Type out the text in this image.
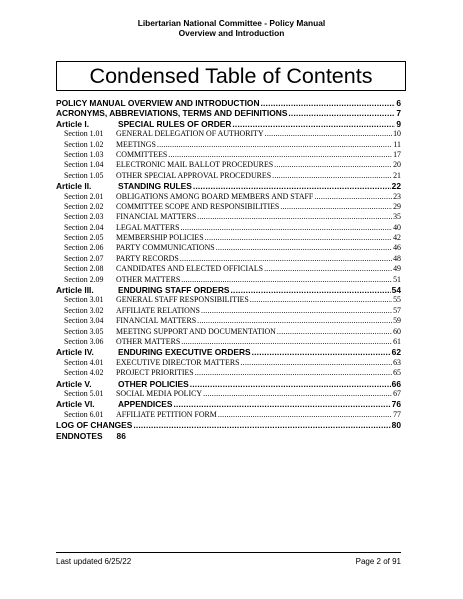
Libertarian National Committee - Policy Manual
Overview and Introduction
Condensed Table of Contents
POLICY MANUAL OVERVIEW AND INTRODUCTION .....	6
ACRONYMS, ABBREVIATIONS, TERMS AND DEFINITIONS .....	7
Article I.	SPECIAL RULES OF ORDER .....	9
Section 1.01	GENERAL DELEGATION OF AUTHORITY .....	10
Section 1.02	MEETINGS .....	11
Section 1.03	COMMITTEES .....	17
Section 1.04	ELECTRONIC MAIL BALLOT PROCEDURES .....	20
Section 1.05	OTHER SPECIAL APPROVAL PROCEDURES .....	21
Article II.	STANDING RULES .....	22
Section 2.01	OBLIGATIONS AMONG BOARD MEMBERS AND STAFF .....	23
Section 2.02	COMMITTEE SCOPE AND RESPONSIBILITIES .....	29
Section 2.03	FINANCIAL MATTERS .....	35
Section 2.04	LEGAL MATTERS .....	40
Section 2.05	MEMBERSHIP POLICIES .....	42
Section 2.06	PARTY COMMUNICATIONS .....	46
Section 2.07	PARTY RECORDS .....	48
Section 2.08	CANDIDATES AND ELECTED OFFICIALS .....	49
Section 2.09	OTHER MATTERS .....	51
Article III.	ENDURING STAFF ORDERS .....	54
Section 3.01	GENERAL STAFF RESPONSIBILITIES .....	55
Section 3.02	AFFILIATE RELATIONS .....	57
Section 3.04	FINANCIAL MATTERS .....	59
Section 3.05	MEETING SUPPORT AND DOCUMENTATION .....	60
Section 3.06	OTHER MATTERS .....	61
Article IV.	ENDURING EXECUTIVE ORDERS .....	62
Section 4.01	EXECUTIVE DIRECTOR MATTERS .....	63
Section 4.02	PROJECT PRIORITIES .....	65
Article V.	OTHER POLICIES .....	66
Section 5.01	SOCIAL MEDIA POLICY .....	67
Article VI.	APPENDICES .....	76
Section 6.01	AFFILIATE PETITION FORM .....	77
LOG OF CHANGES .....	80
ENDNOTES 86
Last updated 6/25/22	Page 2 of 91
